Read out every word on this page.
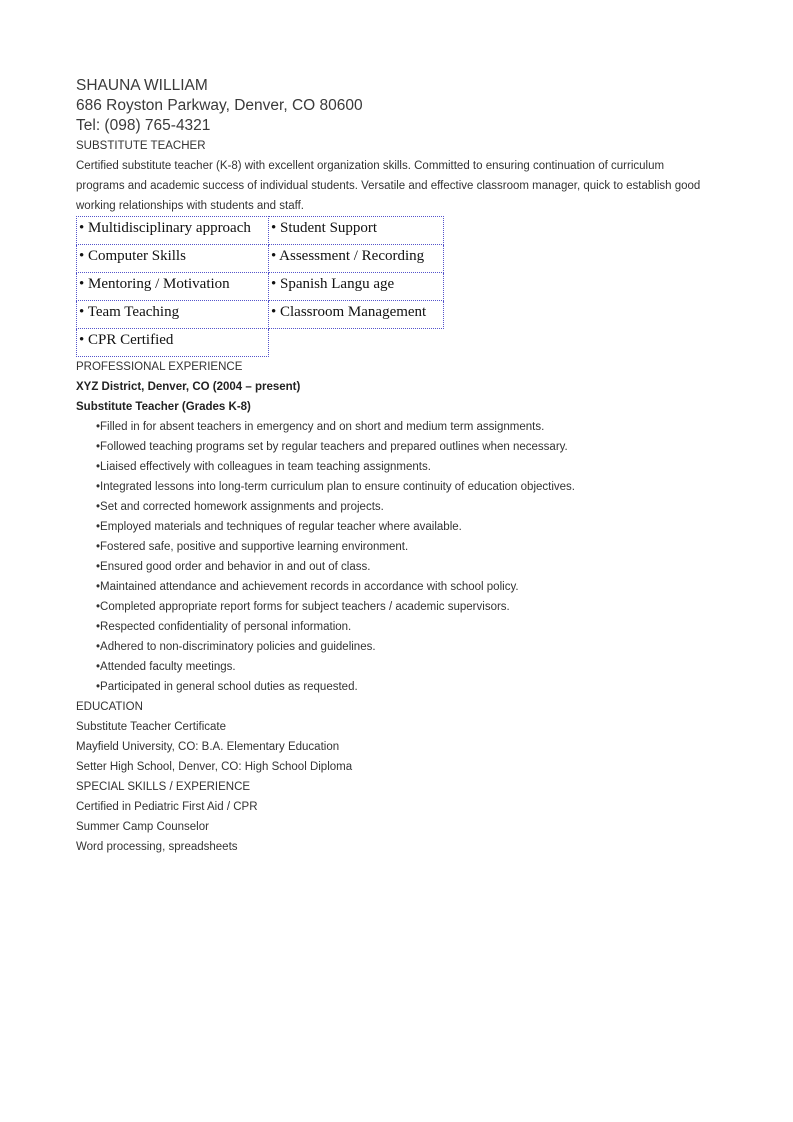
SHAUNA WILLIAM
686 Royston Parkway, Denver, CO 80600
Tel: (098) 765-4321
SUBSTITUTE TEACHER
Certified substitute teacher (K-8) with excellent organization skills. Committed to ensuring continuation of curriculum programs and academic success of individual students. Versatile and effective classroom manager, quick to establish good working relationships with students and staff.
• Multidisciplinary approach	• Student Support
• Computer Skills	• Assessment / Recording
• Mentoring / Motivation	• Spanish Langu age
• Team Teaching	• Classroom Management
• CPR Certified	
PROFESSIONAL EXPERIENCE
XYZ District, Denver, CO (2004 – present)
Substitute Teacher (Grades K-8)
•Filled in for absent teachers in emergency and on short and medium term assignments.
•Followed teaching programs set by regular teachers and prepared outlines when necessary.
•Liaised effectively with colleagues in team teaching assignments.
•Integrated lessons into long-term curriculum plan to ensure continuity of education objectives.
•Set and corrected homework assignments and projects.
•Employed materials and techniques of regular teacher where available.
•Fostered safe, positive and supportive learning environment.
•Ensured good order and behavior in and out of class.
•Maintained attendance and achievement records in accordance with school policy.
•Completed appropriate report forms for subject teachers / academic supervisors.
•Respected confidentiality of personal information.
•Adhered to non-discriminatory policies and guidelines.
•Attended faculty meetings.
•Participated in general school duties as requested.
EDUCATION
Substitute Teacher Certificate
Mayfield University, CO: B.A. Elementary Education
Setter High School, Denver, CO: High School Diploma
SPECIAL SKILLS / EXPERIENCE
Certified in Pediatric First Aid / CPR
Summer Camp Counselor
Word processing, spreadsheets
